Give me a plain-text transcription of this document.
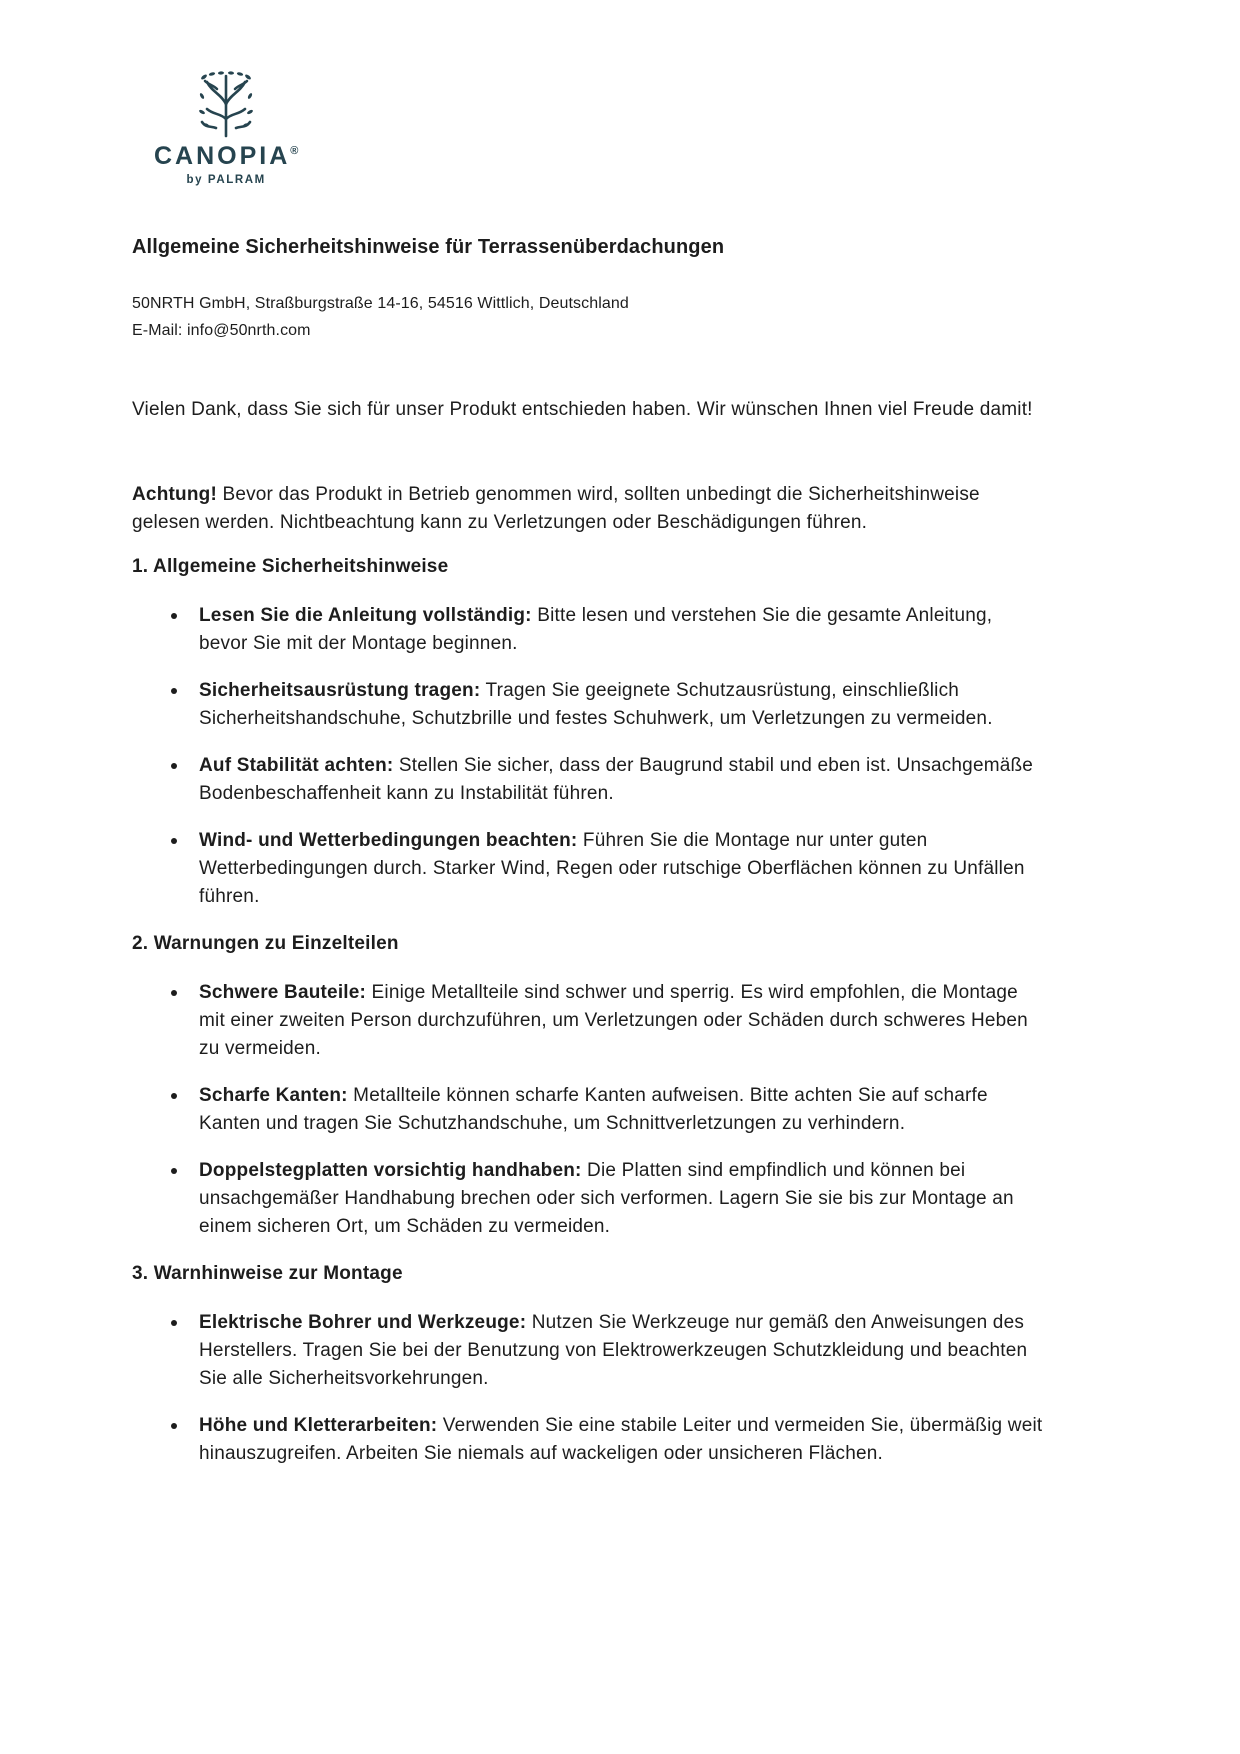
CANOPIA®
by PALRAM
Allgemeine Sicherheitshinweise für Terrassenüberdachungen

50NRTH GmbH, Straßburgstraße 14-16, 54516 Wittlich, Deutschland
E-Mail: info@50nrth.com

Vielen Dank, dass Sie sich für unser Produkt entschieden haben. Wir wünschen Ihnen viel Freude damit!

Achtung! Bevor das Produkt in Betrieb genommen wird, sollten unbedingt die Sicherheitshinweise gelesen werden. Nichtbeachtung kann zu Verletzungen oder Beschädigungen führen.

1. Allgemeine Sicherheitshinweise
Lesen Sie die Anleitung vollständig: Bitte lesen und verstehen Sie die gesamte Anleitung, bevor Sie mit der Montage beginnen.
Sicherheitsausrüstung tragen: Tragen Sie geeignete Schutzausrüstung, einschließlich Sicherheitshandschuhe, Schutzbrille und festes Schuhwerk, um Verletzungen zu vermeiden.
Auf Stabilität achten: Stellen Sie sicher, dass der Baugrund stabil und eben ist. Unsachgemäße Bodenbeschaffenheit kann zu Instabilität führen.
Wind- und Wetterbedingungen beachten: Führen Sie die Montage nur unter guten Wetterbedingungen durch. Starker Wind, Regen oder rutschige Oberflächen können zu Unfällen führen.
2. Warnungen zu Einzelteilen
Schwere Bauteile: Einige Metallteile sind schwer und sperrig. Es wird empfohlen, die Montage mit einer zweiten Person durchzuführen, um Verletzungen oder Schäden durch schweres Heben zu vermeiden.
Scharfe Kanten: Metallteile können scharfe Kanten aufweisen. Bitte achten Sie auf scharfe Kanten und tragen Sie Schutzhandschuhe, um Schnittverletzungen zu verhindern.
Doppelstegplatten vorsichtig handhaben: Die Platten sind empfindlich und können bei unsachgemäßer Handhabung brechen oder sich verformen. Lagern Sie sie bis zur Montage an einem sicheren Ort, um Schäden zu vermeiden.
3. Warnhinweise zur Montage
Elektrische Bohrer und Werkzeuge: Nutzen Sie Werkzeuge nur gemäß den Anweisungen des Herstellers. Tragen Sie bei der Benutzung von Elektrowerkzeugen Schutzkleidung und beachten Sie alle Sicherheitsvorkehrungen.
Höhe und Kletterarbeiten: Verwenden Sie eine stabile Leiter und vermeiden Sie, übermäßig weit hinauszugreifen. Arbeiten Sie niemals auf wackeligen oder unsicheren Flächen.
